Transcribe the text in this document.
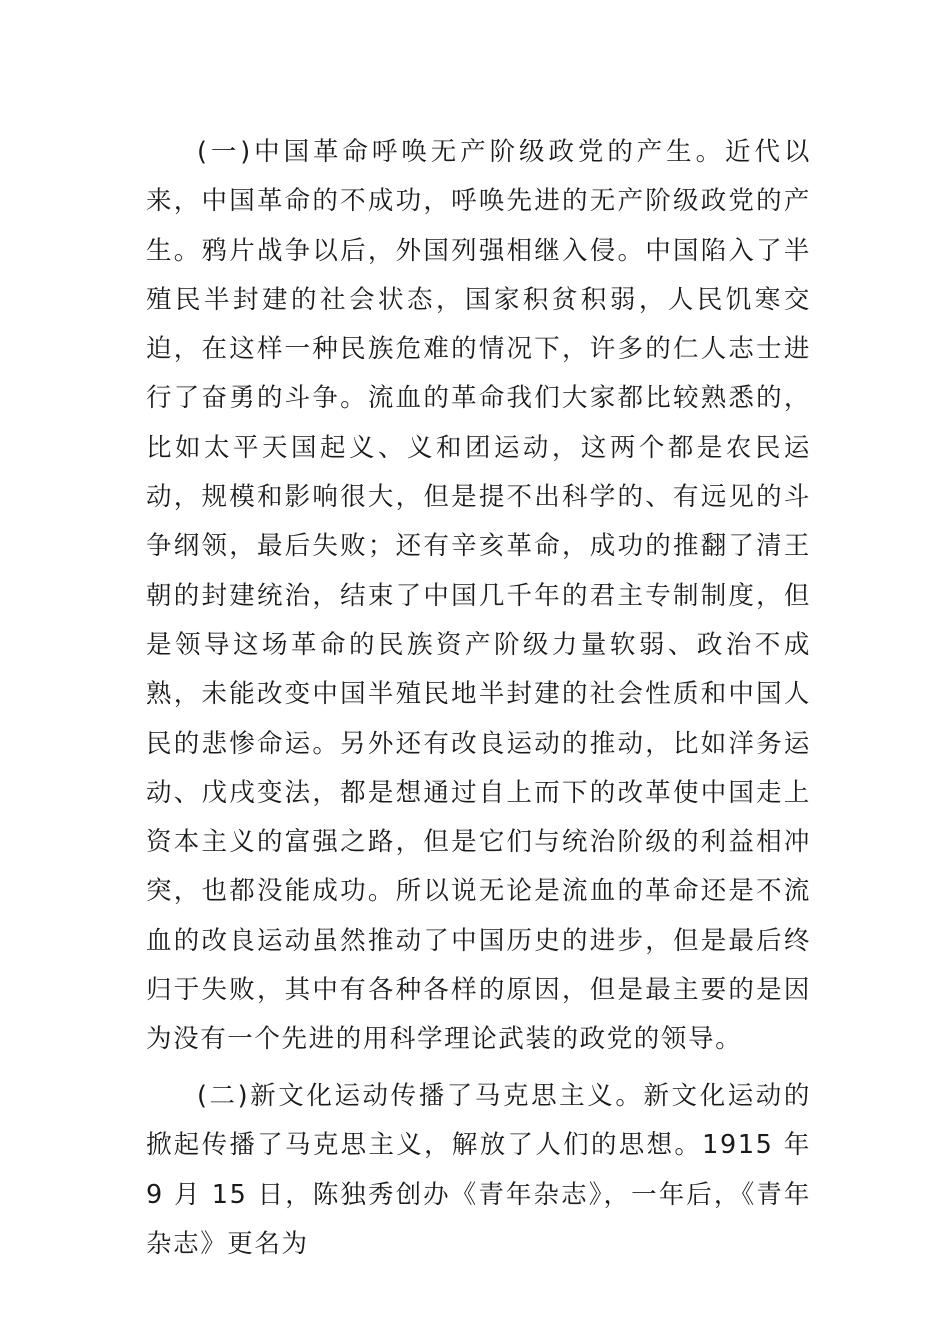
(一)中国革命呼唤无产阶级政党的产生。近代以来，中国革命的不成功，呼唤先进的无产阶级政党的产生。鸦片战争以后，外国列强相继入侵。中国陷入了半殖民半封建的社会状态，国家积贫积弱，人民饥寒交迫，在这样一种民族危难的情况下，许多的仁人志士进行了奋勇的斗争。流血的革命我们大家都比较熟悉的，比如太平天国起义、义和团运动，这两个都是农民运动，规模和影响很大，但是提不出科学的、有远见的斗争纲领，最后失败；还有辛亥革命，成功的推翻了清王朝的封建统治，结束了中国几千年的君主专制制度，但是领导这场革命的民族资产阶级力量软弱、政治不成熟，未能改变中国半殖民地半封建的社会性质和中国人民的悲惨命运。另外还有改良运动的推动，比如洋务运动、戊戌变法，都是想通过自上而下的改革使中国走上资本主义的富强之路，但是它们与统治阶级的利益相冲突，也都没能成功。所以说无论是流血的革命还是不流血的改良运动虽然推动了中国历史的进步，但是最后终归于失败，其中有各种各样的原因，但是最主要的是因为没有一个先进的用科学理论武装的政党的领导。

(二)新文化运动传播了马克思主义。新文化运动的掀起传播了马克思主义，解放了人们的思想。1915 年 9 月 15 日，陈独秀创办《青年杂志》，一年后，《青年杂志》更名为
